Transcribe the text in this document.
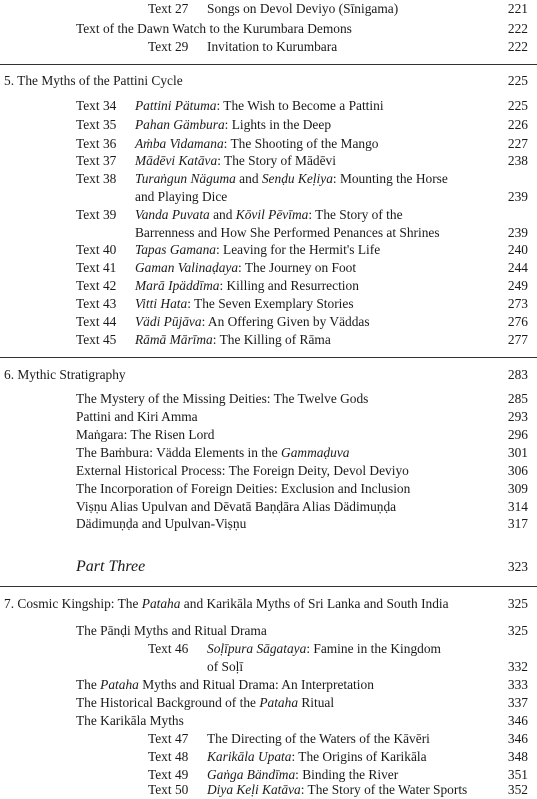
Text 27 Songs on Devol Deviyo (Sīnigama)	221
Text of the Dawn Watch to the Kurumbara Demons	222
Text 29 Invitation to Kurumbara	222
5. The Myths of the Pattini Cycle	225
Text 34 Pattini Pätuma: The Wish to Become a Pattini	225
Text 35 Pahan Gämbura: Lights in the Deep	226
Text 36 Aṁba Vidamana: The Shooting of the Mango	227
Text 37 Mādēvi Katāva: The Story of Mādēvi	238
Text 38 Turaṅgun Näguma and Senḍu Keḷiya: Mounting the Horse
and Playing Dice	239
Text 39 Vanda Puvata and Kōvil Pēvīma: The Story of the
Barrenness and How She Performed Penances at Shrines	239
Text 40 Tapas Gamana: Leaving for the Hermit's Life	240
Text 41 Gaman Valinaḍaya: The Journey on Foot	244
Text 42 Marā Ipäddīma: Killing and Resurrection	249
Text 43 Vitti Hata: The Seven Exemplary Stories	273
Text 44 Vädi Pūjāva: An Offering Given by Väddas	276
Text 45 Rāmā Mārīma: The Killing of Rāma	277
6. Mythic Stratigraphy	283
The Mystery of the Missing Deities: The Twelve Gods	285
Pattini and Kiri Amma	293
Maṅgara: The Risen Lord	296
The Baṁbura: Vädda Elements in the Gammaḍuva	301
External Historical Process: The Foreign Deity, Devol Deviyo	306
The Incorporation of Foreign Deities: Exclusion and Inclusion	309
Viṣṇu Alias Upulvan and Dēvatā Baṇḍāra Alias Dädimuṇḍa	314
Dädimuṇḍa and Upulvan-Viṣṇu	317
Part Three	323
7. Cosmic Kingship: The Pataha and Karikāla Myths of Sri Lanka and South India	325
The Pānḍi Myths and Ritual Drama	325
Text 46 Soḷīpura Sāgataya: Famine in the Kingdom
of Soḷī	332
The Pataha Myths and Ritual Drama: An Interpretation	333
The Historical Background of the Pataha Ritual	337
The Karikāla Myths	346
Text 47 The Directing of the Waters of the Kāvēri	346
Text 48 Karikāla Upata: The Origins of Karikāla	348
Text 49 Gaṅga Bändīma: Binding the River	351
Text 50 Diya Keḷi Katāva: The Story of the Water Sports	352
